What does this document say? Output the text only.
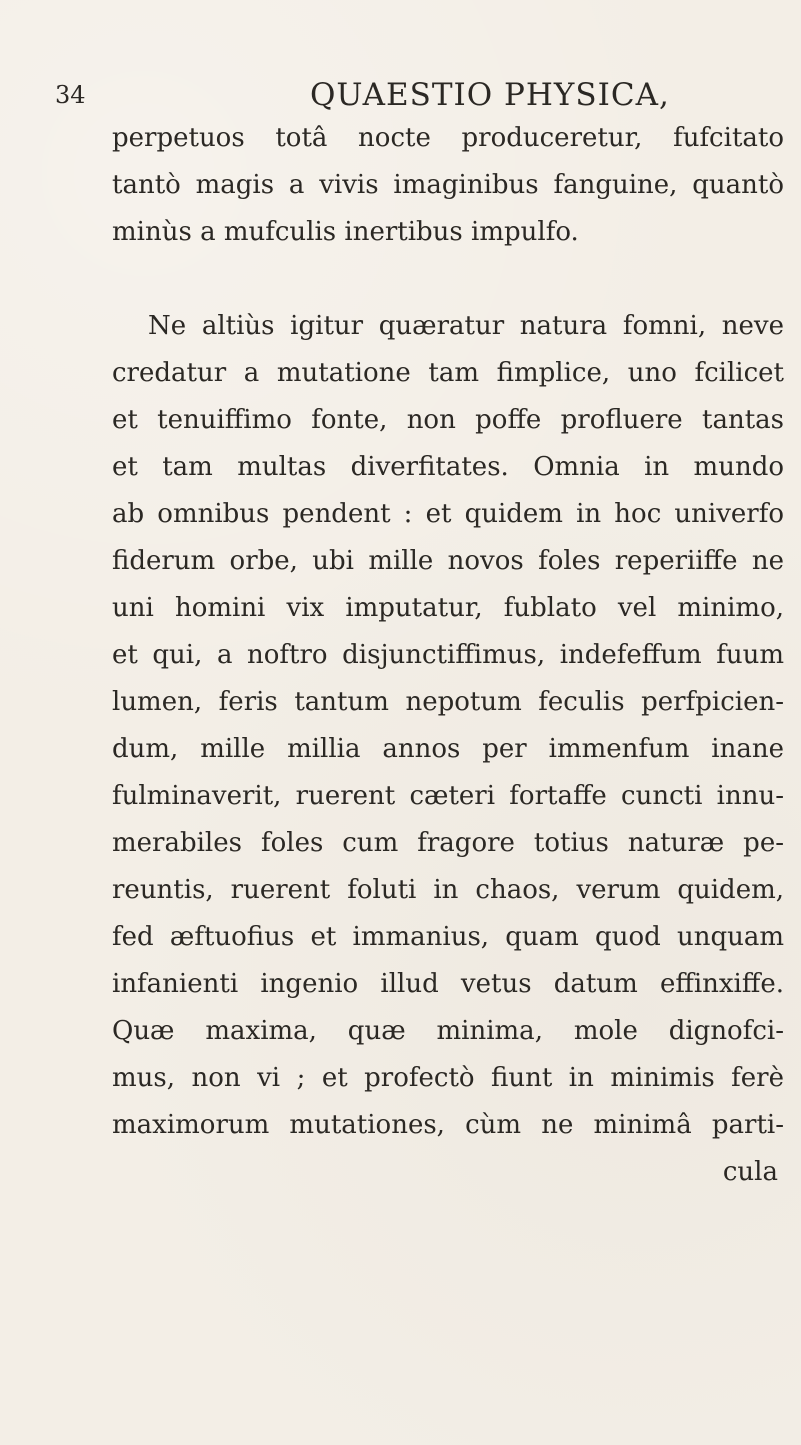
34	QUAESTIO PHYSICA,
perpetuos totâ nocte produceretur, fufcitato
tantò magis a vivis imaginibus fanguine, quantò
minùs a mufculis inertibus impulfo.
Ne altiùs igitur quæratur natura fomni, neve
credatur a mutatione tam fimplice, uno fcilicet
et tenuiffimo fonte, non poffe profluere tantas
et tam multas diverfitates. Omnia in mundo
ab omnibus pendent : et quidem in hoc univerfo
fiderum orbe, ubi mille novos foles reperiiffe ne
uni homini vix imputatur, fublato vel minimo,
et qui, a noftro disjunctiffimus, indefeffum fuum
lumen, feris tantum nepotum feculis perfpicien-
dum, mille millia annos per immenfum inane
fulminaverit, ruerent cæteri fortaffe cuncti innu-
merabiles foles cum fragore totius naturæ pe-
reuntis, ruerent foluti in chaos, verum quidem,
fed æftuofius et immanius, quam quod unquam
infanienti ingenio illud vetus datum effinxiffe.
Quæ maxima, quæ minima, mole dignofci-
mus, non vi ; et profectò fiunt in minimis ferè
maximorum mutationes, cùm ne minimâ parti-
cula
